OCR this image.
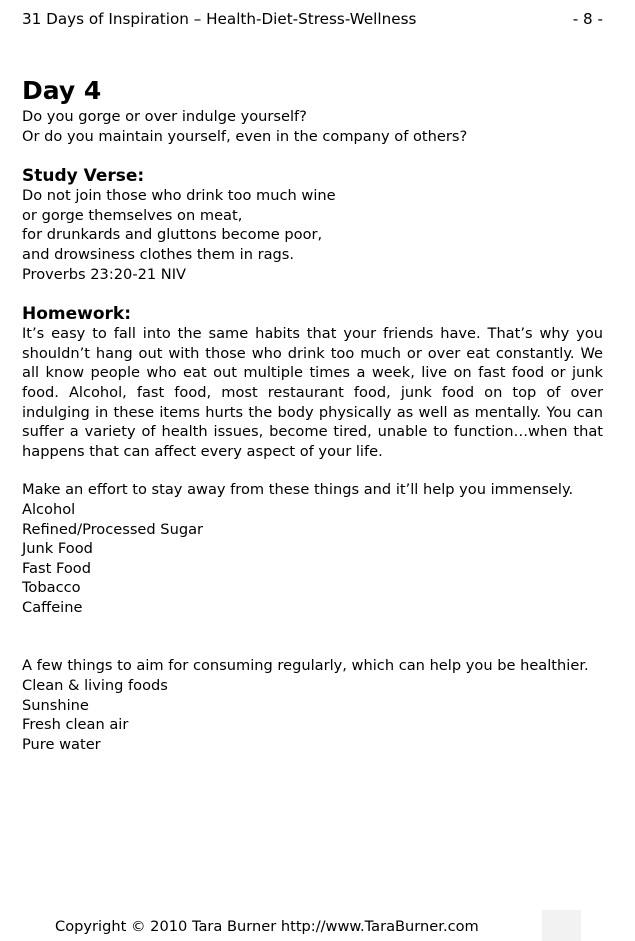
31 Days of Inspiration – Health-Diet-Stress-Wellness	- 8 -
Day 4
Do you gorge or over indulge yourself?
Or do you maintain yourself, even in the company of others?
Study Verse:
Do not join those who drink too much wine
or gorge themselves on meat,
for drunkards and gluttons become poor,
and drowsiness clothes them in rags.
Proverbs 23:20-21 NIV
Homework:
It’s easy to fall into the same habits that your friends have. That’s why you shouldn’t hang out with those who drink too much or over eat constantly. We all know people who eat out multiple times a week, live on fast food or junk food. Alcohol, fast food, most restaurant food, junk food on top of over indulging in these items hurts the body physically as well as mentally. You can suffer a variety of health issues, become tired, unable to function…when that happens that can affect every aspect of your life.
Make an effort to stay away from these things and it’ll help you immensely.
Alcohol
Refined/Processed Sugar
Junk Food
Fast Food
Tobacco
Caffeine
A few things to aim for consuming regularly, which can help you be healthier.
Clean & living foods
Sunshine
Fresh clean air
Pure water
Copyright © 2010 Tara Burner http://www.TaraBurner.com
